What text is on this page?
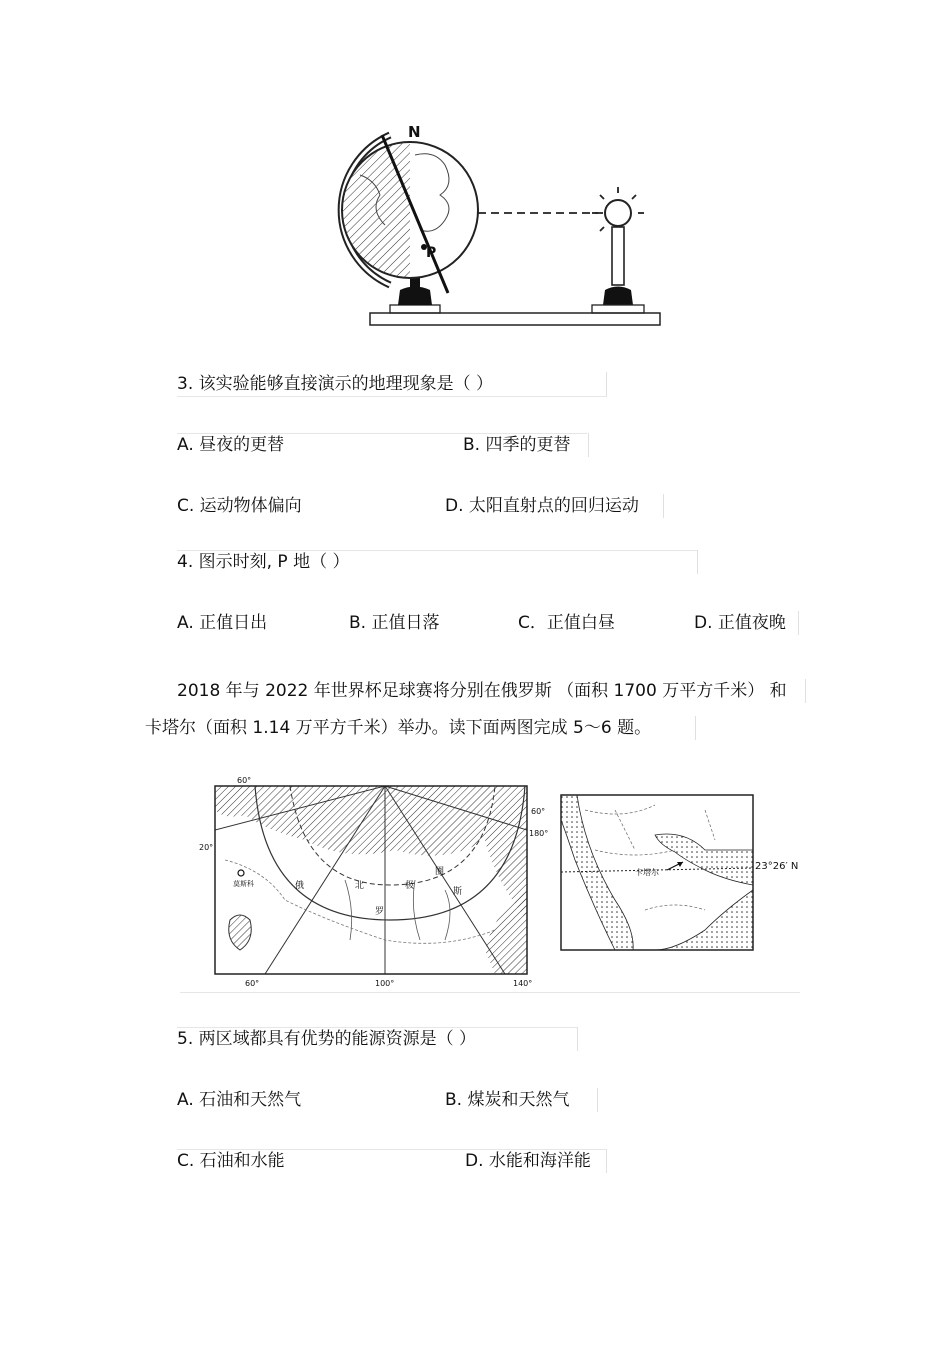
N
P
3. 该实验能够直接演示的地理现象是（ ）
A. 昼夜的更替	B. 四季的更替
C. 运动物体偏向	D. 太阳直射点的回归运动
4. 图示时刻, P 地（ ）
A. 正值日出	B. 正值日落	C．正值白昼	D. 正值夜晚
2018 年与 2022 年世界杯足球赛将分别在俄罗斯 （面积 1700 万平方千米） 和
卡塔尔（面积 1.14 万平方千米）举办。读下面两图完成 5～6 题。
莫斯科
60°
20°
60°
180°
60°	100°	140°
俄	北	极
圈
罗
斯
卡塔尔
23°26′ N
5. 两区域都具有优势的能源资源是（ ）
A. 石油和天然气	B. 煤炭和天然气
C. 石油和水能	D. 水能和海洋能
